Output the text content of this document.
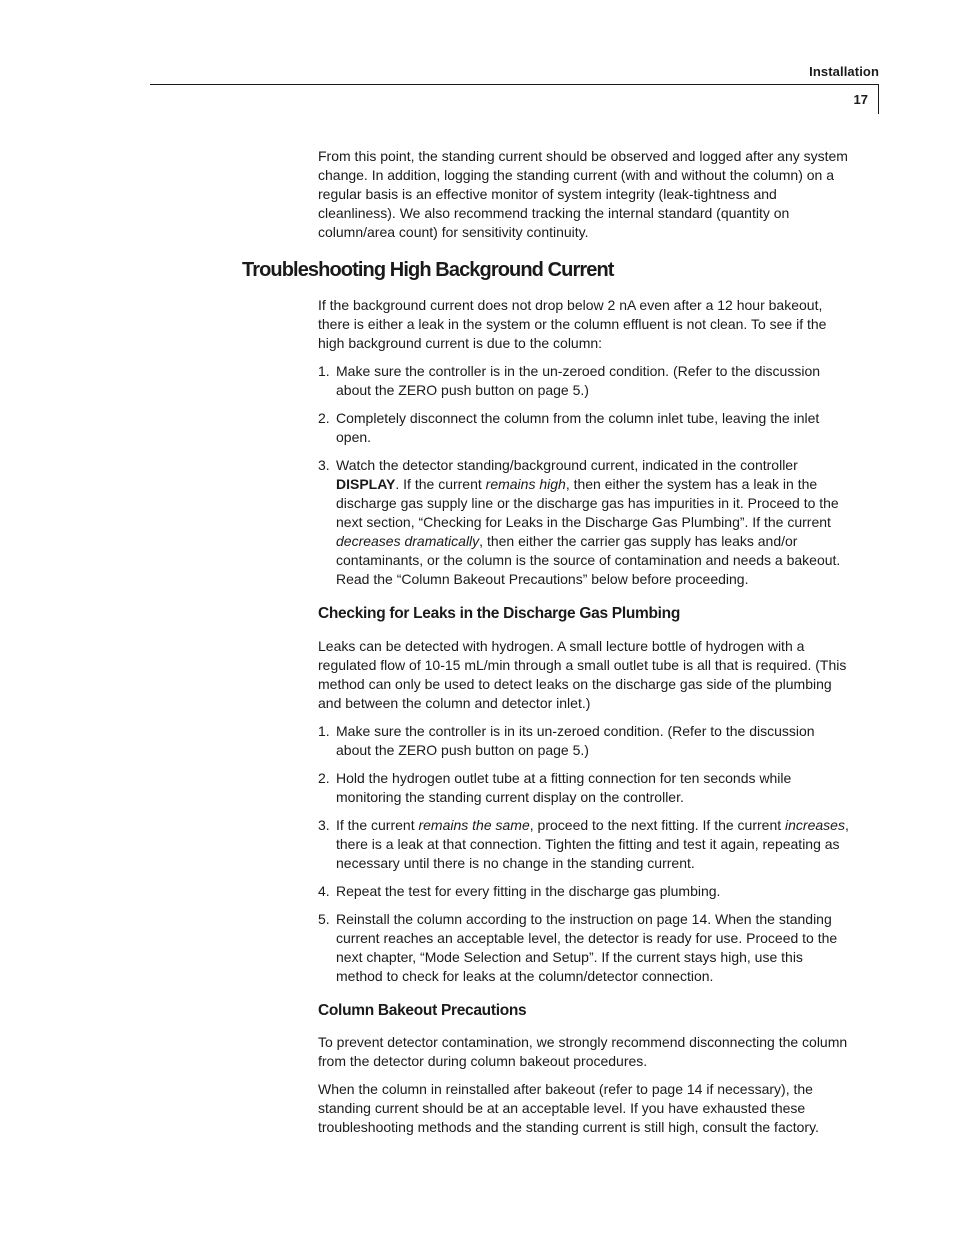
Installation
17

From this point, the standing current should be observed and logged after any system change. In addition, logging the standing current (with and without the column) on a regular basis is an effective monitor of system integrity (leak-tightness and cleanliness). We also recommend tracking the internal standard (quantity on column/area count) for sensitivity continuity.

Troubleshooting High Background Current

If the background current does not drop below 2 nA even after a 12 hour bakeout, there is either a leak in the system or the column effluent is not clean. To see if the high background current is due to the column:

1. Make sure the controller is in the un-zeroed condition. (Refer to the discussion about the ZERO push button on page 5.)
2. Completely disconnect the column from the column inlet tube, leaving the inlet open.
3. Watch the detector standing/background current, indicated in the controller DISPLAY. If the current remains high, then either the system has a leak in the discharge gas supply line or the discharge gas has impurities in it. Proceed to the next section, “Checking for Leaks in the Discharge Gas Plumbing”. If the current decreases dramatically, then either the carrier gas supply has leaks and/or contaminants, or the column is the source of contamination and needs a bakeout. Read the “Column Bakeout Precautions” below before proceeding.
Checking for Leaks in the Discharge Gas Plumbing

Leaks can be detected with hydrogen. A small lecture bottle of hydrogen with a regulated flow of 10-15 mL/min through a small outlet tube is all that is required. (This method can only be used to detect leaks on the discharge gas side of the plumbing and between the column and detector inlet.)

1. Make sure the controller is in its un-zeroed condition. (Refer to the discussion about the ZERO push button on page 5.)
2. Hold the hydrogen outlet tube at a fitting connection for ten seconds while monitoring the standing current display on the controller.
3. If the current remains the same, proceed to the next fitting. If the current increases, there is a leak at that connection. Tighten the fitting and test it again, repeating as necessary until there is no change in the standing current.
4. Repeat the test for every fitting in the discharge gas plumbing.
5. Reinstall the column according to the instruction on page 14. When the standing current reaches an acceptable level, the detector is ready for use. Proceed to the next chapter, “Mode Selection and Setup”. If the current stays high, use this method to check for leaks at the column/detector connection.
Column Bakeout Precautions

To prevent detector contamination, we strongly recommend disconnecting the column from the detector during column bakeout procedures.

When the column in reinstalled after bakeout (refer to page 14 if necessary), the standing current should be at an acceptable level. If you have exhausted these troubleshooting methods and the standing current is still high, consult the factory.
